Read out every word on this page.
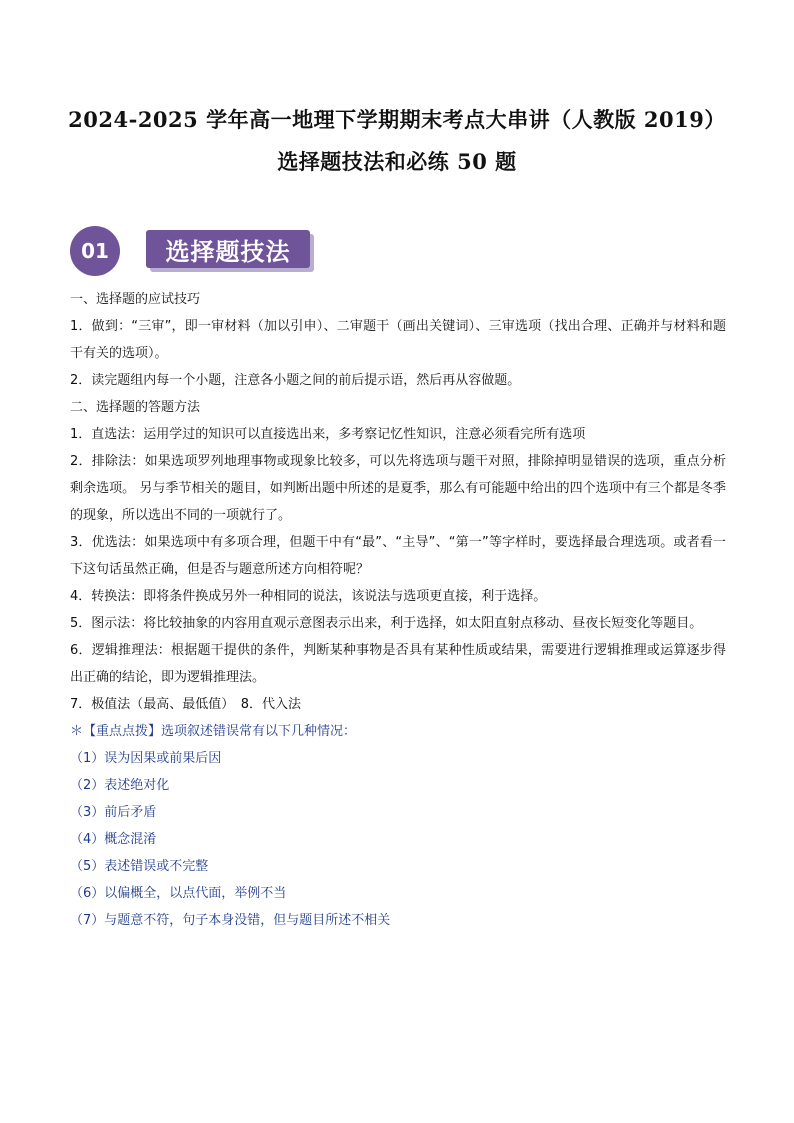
2024-2025 学年高一地理下学期期末考点大串讲（人教版 2019）
选择题技法和必练 50 题
01	选择题技法
一、选择题的应试技巧
1．做到：“三审”，即一审材料（加以引申）、二审题干（画出关键词）、三审选项（找出合理、正确并与材料和题干有关的选项）。
2．读完题组内每一个小题，注意各小题之间的前后提示语，然后再从容做题。
二、选择题的答题方法
1．直选法：运用学过的知识可以直接选出来，多考察记忆性知识，注意必须看完所有选项
2．排除法：如果选项罗列地理事物或现象比较多，可以先将选项与题干对照，排除掉明显错误的选项，重点分析剩余选项。 另与季节相关的题目，如判断出题中所述的是夏季，那么有可能题中给出的四个选项中有三个都是冬季的现象，所以选出不同的一项就行了。
3．优选法：如果选项中有多项合理，但题干中有“最”、“主导”、“第一”等字样时，要选择最合理选项。或者看一下这句话虽然正确，但是否与题意所述方向相符呢？
4．转换法：即将条件换成另外一种相同的说法，该说法与选项更直接，利于选择。
5．图示法：将比较抽象的内容用直观示意图表示出来，利于选择，如太阳直射点移动、昼夜长短变化等题目。
6．逻辑推理法：根据题干提供的条件，判断某种事物是否具有某种性质或结果，需要进行逻辑推理或运算逐步得出正确的结论，即为逻辑推理法。
7．极值法（最高、最低值）　8．代入法
＊【重点点拨】选项叙述错误常有以下几种情况：
（1）误为因果或前果后因
（2）表述绝对化
（3）前后矛盾
（4）概念混淆
（5）表述错误或不完整
（6）以偏概全，以点代面，举例不当
（7）与题意不符，句子本身没错，但与题目所述不相关
